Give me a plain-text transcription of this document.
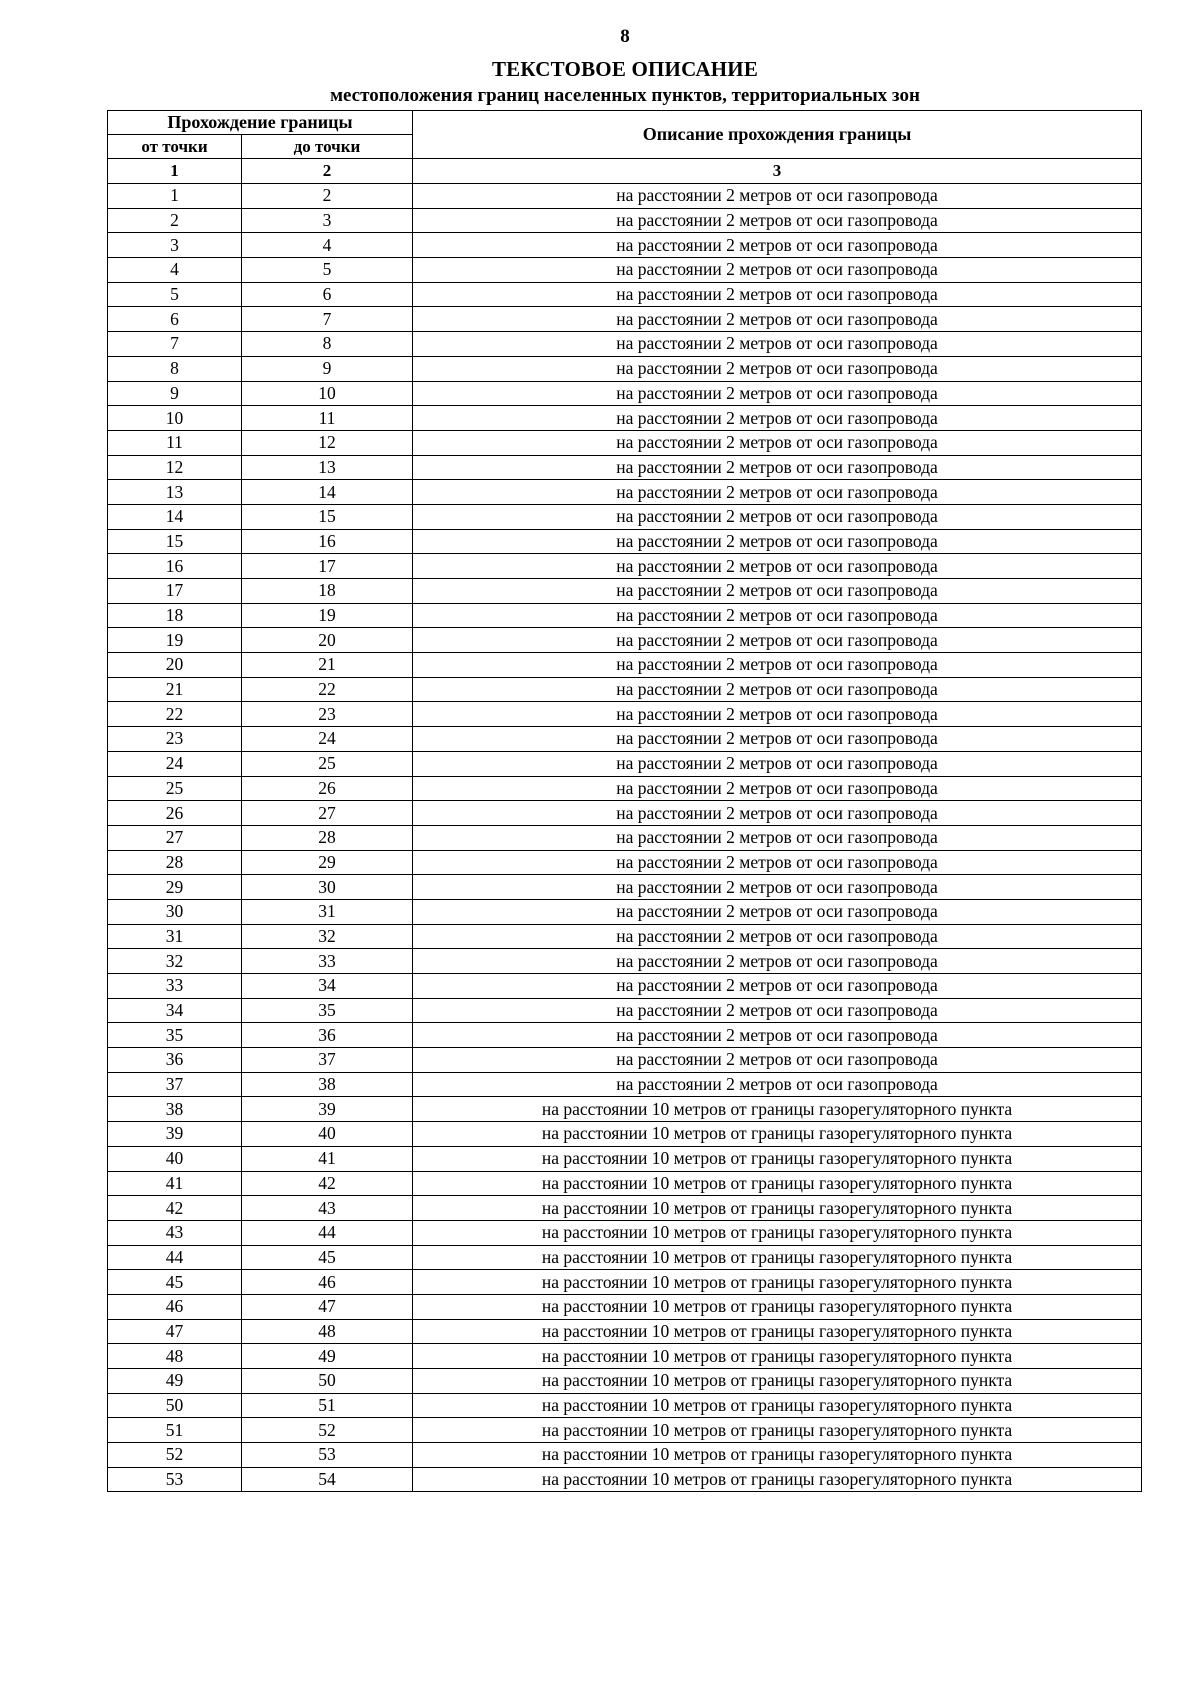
8
ТЕКСТОВОЕ ОПИСАНИЕ
местоположения границ населенных пунктов, территориальных зон
Прохождение границы		Описание прохождения границы
от точки	до точки	
1	2	3
1	2	на расстоянии 2 метров от оси газопровода
2	3	на расстоянии 2 метров от оси газопровода
3	4	на расстоянии 2 метров от оси газопровода
4	5	на расстоянии 2 метров от оси газопровода
5	6	на расстоянии 2 метров от оси газопровода
6	7	на расстоянии 2 метров от оси газопровода
7	8	на расстоянии 2 метров от оси газопровода
8	9	на расстоянии 2 метров от оси газопровода
9	10	на расстоянии 2 метров от оси газопровода
10	11	на расстоянии 2 метров от оси газопровода
11	12	на расстоянии 2 метров от оси газопровода
12	13	на расстоянии 2 метров от оси газопровода
13	14	на расстоянии 2 метров от оси газопровода
14	15	на расстоянии 2 метров от оси газопровода
15	16	на расстоянии 2 метров от оси газопровода
16	17	на расстоянии 2 метров от оси газопровода
17	18	на расстоянии 2 метров от оси газопровода
18	19	на расстоянии 2 метров от оси газопровода
19	20	на расстоянии 2 метров от оси газопровода
20	21	на расстоянии 2 метров от оси газопровода
21	22	на расстоянии 2 метров от оси газопровода
22	23	на расстоянии 2 метров от оси газопровода
23	24	на расстоянии 2 метров от оси газопровода
24	25	на расстоянии 2 метров от оси газопровода
25	26	на расстоянии 2 метров от оси газопровода
26	27	на расстоянии 2 метров от оси газопровода
27	28	на расстоянии 2 метров от оси газопровода
28	29	на расстоянии 2 метров от оси газопровода
29	30	на расстоянии 2 метров от оси газопровода
30	31	на расстоянии 2 метров от оси газопровода
31	32	на расстоянии 2 метров от оси газопровода
32	33	на расстоянии 2 метров от оси газопровода
33	34	на расстоянии 2 метров от оси газопровода
34	35	на расстоянии 2 метров от оси газопровода
35	36	на расстоянии 2 метров от оси газопровода
36	37	на расстоянии 2 метров от оси газопровода
37	38	на расстоянии 2 метров от оси газопровода
38	39	на расстоянии 10 метров от границы газорегуляторного пункта
39	40	на расстоянии 10 метров от границы газорегуляторного пункта
40	41	на расстоянии 10 метров от границы газорегуляторного пункта
41	42	на расстоянии 10 метров от границы газорегуляторного пункта
42	43	на расстоянии 10 метров от границы газорегуляторного пункта
43	44	на расстоянии 10 метров от границы газорегуляторного пункта
44	45	на расстоянии 10 метров от границы газорегуляторного пункта
45	46	на расстоянии 10 метров от границы газорегуляторного пункта
46	47	на расстоянии 10 метров от границы газорегуляторного пункта
47	48	на расстоянии 10 метров от границы газорегуляторного пункта
48	49	на расстоянии 10 метров от границы газорегуляторного пункта
49	50	на расстоянии 10 метров от границы газорегуляторного пункта
50	51	на расстоянии 10 метров от границы газорегуляторного пункта
51	52	на расстоянии 10 метров от границы газорегуляторного пункта
52	53	на расстоянии 10 метров от границы газорегуляторного пункта
53	54	на расстоянии 10 метров от границы газорегуляторного пункта
